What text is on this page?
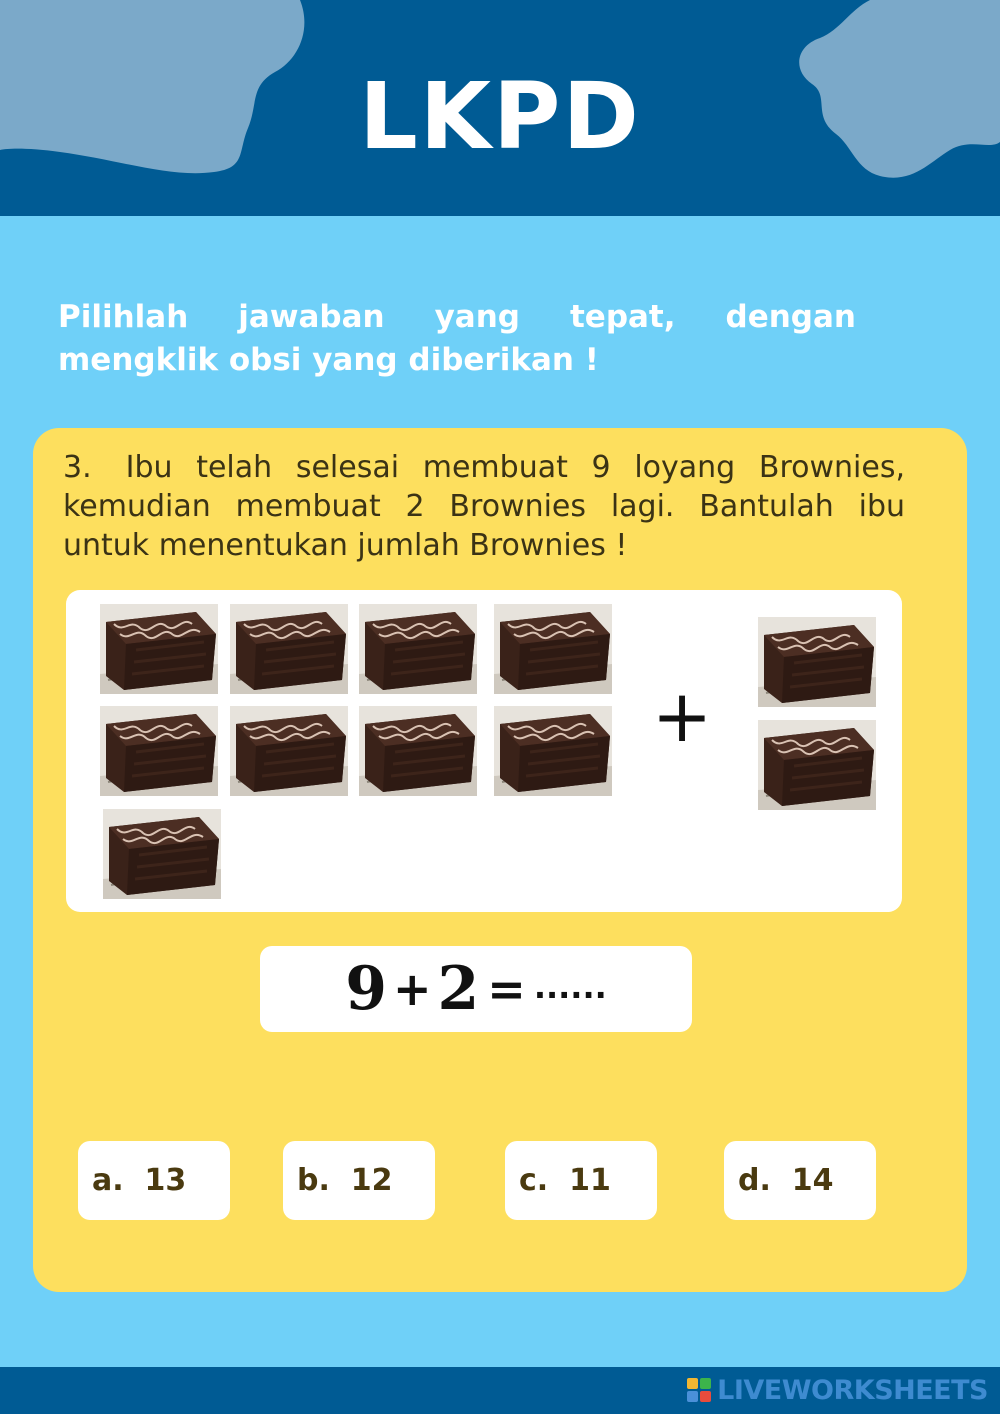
LKPD
Pilihlah jawaban yang tepat, dengan mengklik obsi yang diberikan !
3. Ibu telah selesai membuat 9 loyang Brownies, kemudian membuat 2 Brownies lagi. Bantulah ibu untuk menentukan jumlah Brownies !
+
9 + 2 = ......
a. 13	b. 12	c. 11	d. 14
LIVEWORKSHEETS
